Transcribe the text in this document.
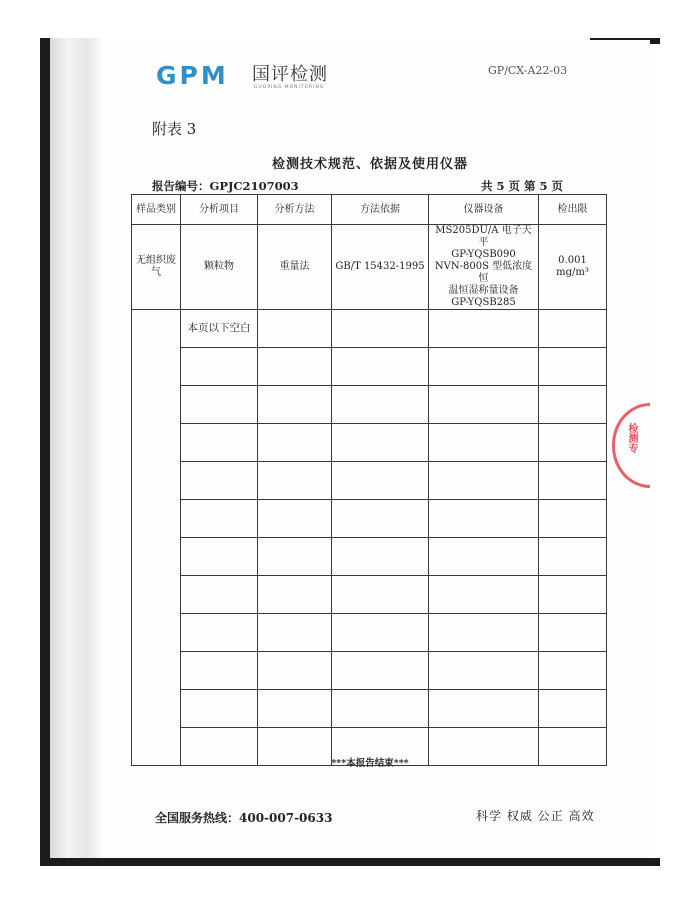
GPM 国评检测
GUOPING MONITORING
GP/CX-A22-03
附表 3
检测技术规范、依据及使用仪器
报告编号：GPJC2107003	共 5 页 第 5 页
样品类别	分析项目	分析方法	方法依据	仪器设备	检出限
无组织废气	颗粒物	重量法	GB/T 15432-1995	MS205DU/A 电子天平
GP-YQSB090
NVN-800S 型低浓度恒
温恒湿称量设备
GP-YQSB285	0.001 mg/m³
	本页以下空白				

***本报告结束***
全国服务热线：400-007-0633	科学 权威 公正 高效
检测专
